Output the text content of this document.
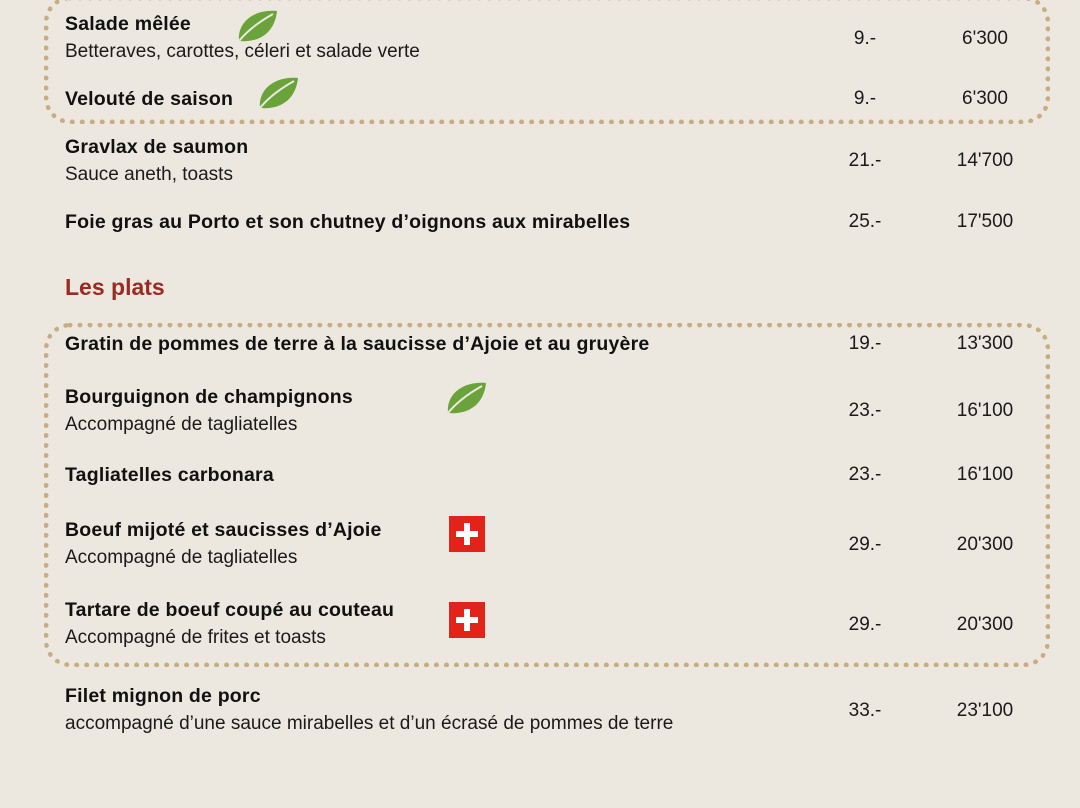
Salade mêlée
Betteraves, carottes, céleri et salade verte
9.-	6'300
Velouté de saison	9.-	6'300
Gravlax de saumon
Sauce aneth, toasts
21.-	14'700
Foie gras au Porto et son chutney d’oignons aux mirabelles	25.-	17'500
Les plats
Gratin de pommes de terre à la saucisse d’Ajoie et au gruyère	19.-	13'300
Bourguignon de champignons
Accompagné de tagliatelles
23.-	16'100
Tagliatelles carbonara	23.-	16'100
Boeuf mijoté et saucisses d’Ajoie
Accompagné de tagliatelles
29.-	20'300
Tartare de boeuf coupé au couteau
Accompagné de frites et toasts
29.-	20'300
Filet mignon de porc
accompagné d’une sauce mirabelles et d’un écrasé de pommes de terre
33.-	23'100
